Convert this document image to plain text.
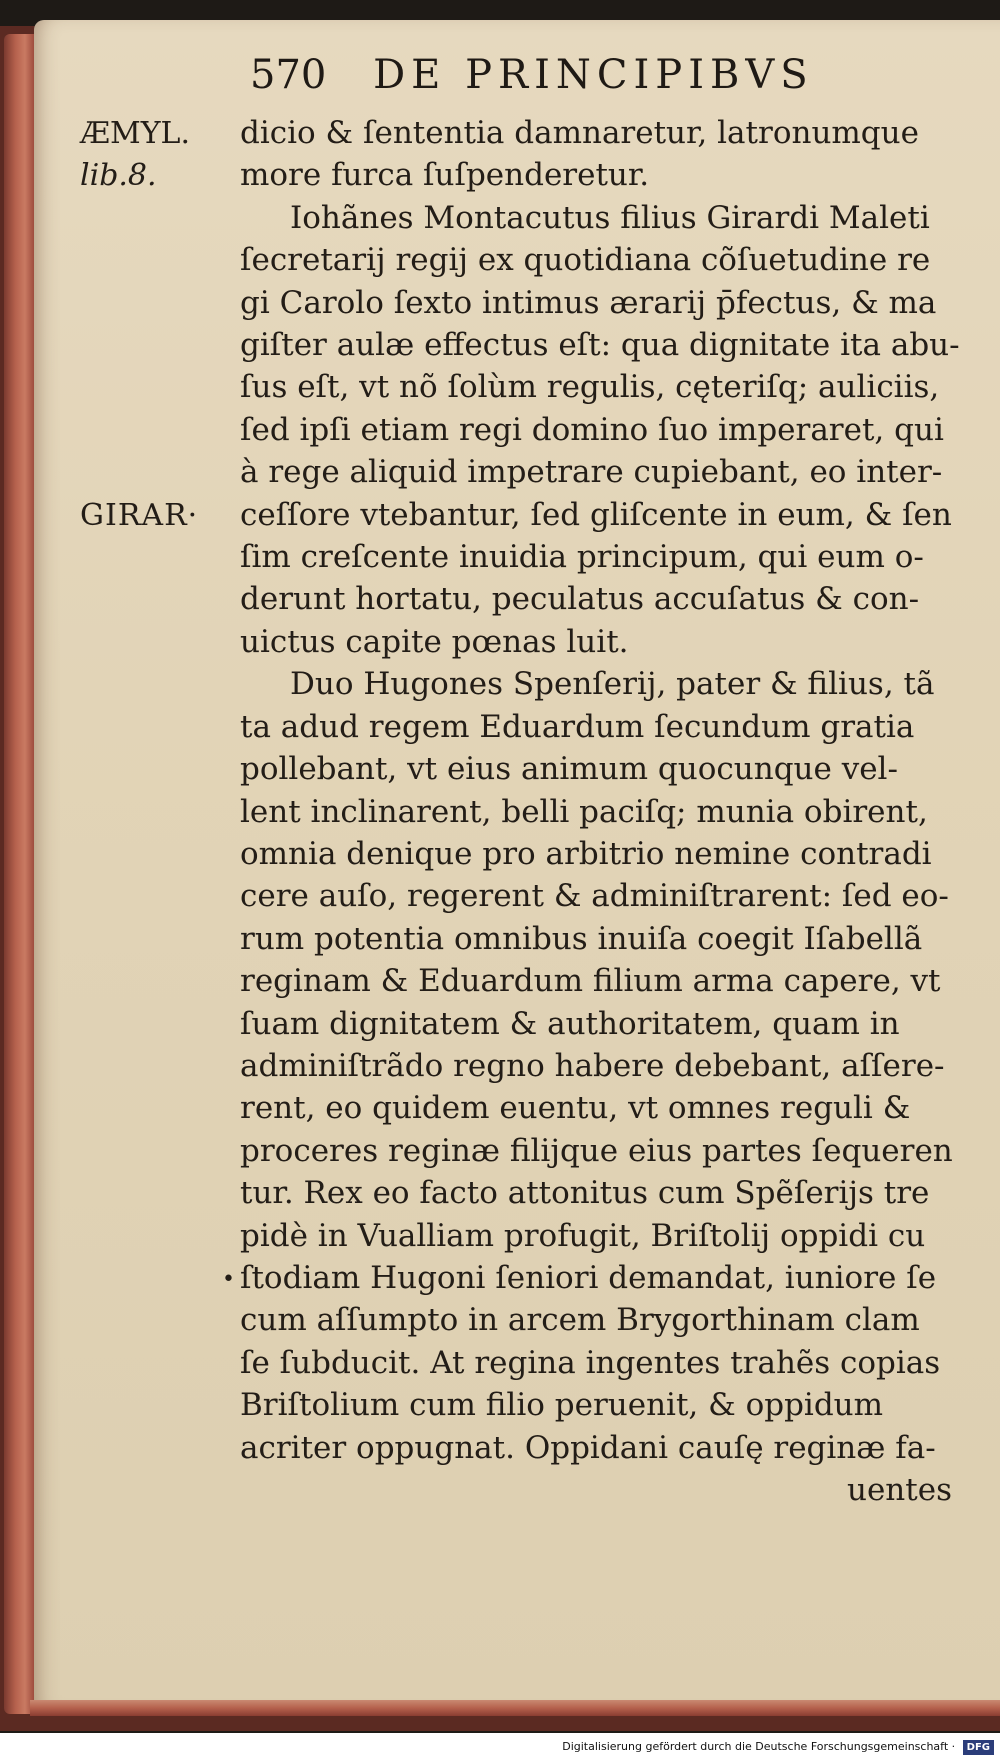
570 DE PRINCIPIBVS
ÆMYL.
lib.8.
GIRAR·
•
dicio & ſententia damnaretur, latronumque
more furca ſuſpenderetur.
Iohãnes Montacutus filius Girardi Maleti
ſecretarij regij ex quotidiana cõſuetudine re
gi Carolo ſexto intimus ærarij p̄fectus, & ma
giſter aulæ effectus eſt: qua dignitate ita abu-
ſus eſt, vt nõ ſolùm regulis, cęteriſq; auliciis,
ſed ipſi etiam regi domino ſuo imperaret, qui
à rege aliquid impetrare cupiebant, eo inter-
ceſſore vtebantur, ſed gliſcente in eum, & ſen
ſim creſcente inuidia principum, qui eum o-
derunt hortatu, peculatus accuſatus & con-
uictus capite pœnas luit.
Duo Hugones Spenſerij, pater & filius, tã
ta adud regem Eduardum ſecundum gratia
pollebant, vt eius animum quocunque vel-
lent inclinarent, belli paciſq; munia obirent,
omnia denique pro arbitrio nemine contradi
cere auſo, regerent & adminiſtrarent: ſed eo-
rum potentia omnibus inuiſa coegit Iſabellã
reginam & Eduardum filium arma capere, vt
ſuam dignitatem & authoritatem, quam in
adminiſtrãdo regno habere debebant, aſſere-
rent, eo quidem euentu, vt omnes reguli &
proceres reginæ filijque eius partes ſequeren
tur. Rex eo facto attonitus cum Spẽſerijs tre
pidè in Vualliam profugit, Briſtolij oppidi cu
ſtodiam Hugoni ſeniori demandat, iuniore ſe
cum aſſumpto in arcem Brygorthinam clam
ſe ſubducit. At regina ingentes trahẽs copias
Briſtolium cum filio peruenit, & oppidum
acriter oppugnat. Oppidani cauſę reginæ fa-
uentes
Digitalisierung gefördert durch die Deutsche Forschungsgemeinschaft · DFG
